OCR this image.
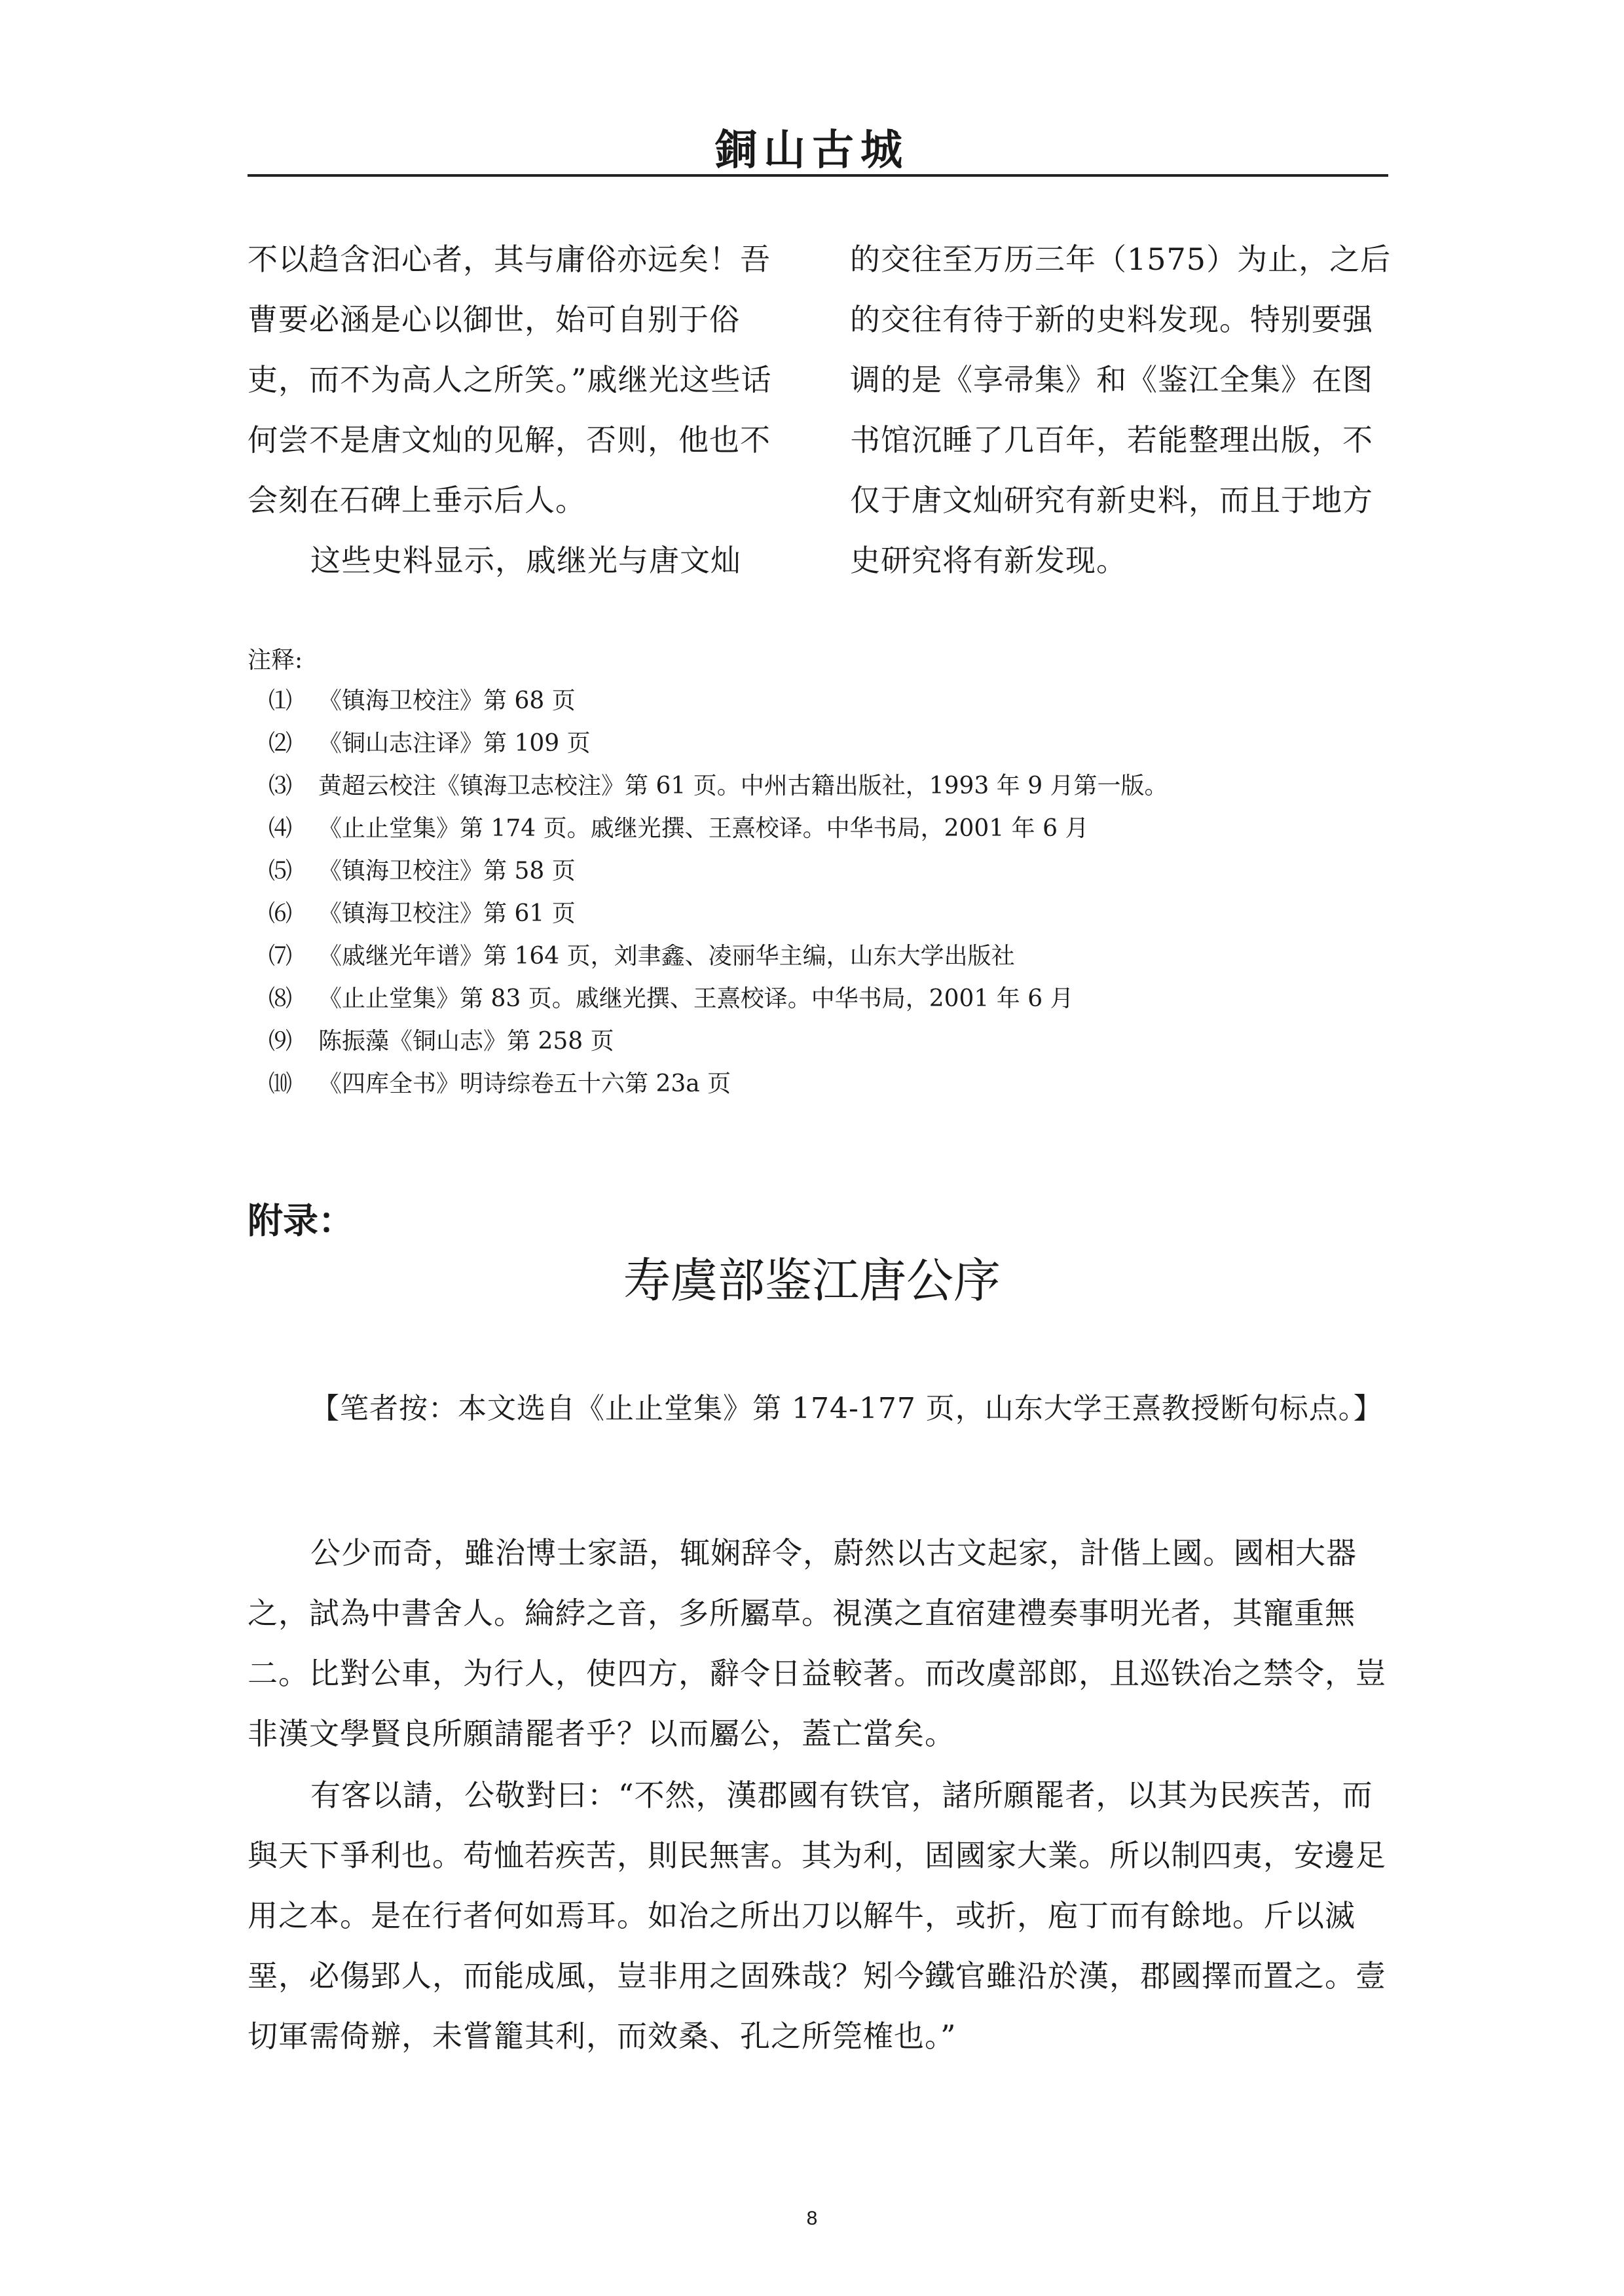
銅山古城

不以趋含汩心者，其与庸俗亦远矣！吾曹要必涵是心以御世，始可自别于俗吏，而不为高人之所笑。”戚继光这些话何尝不是唐文灿的见解，否则，他也不会刻在石碑上垂示后人。

这些史料显示，戚继光与唐文灿

的交往至万历三年（1575）为止，之后的交往有待于新的史料发现。特别要强调的是《享帚集》和《鉴江全集》在图书馆沉睡了几百年，若能整理出版，不仅于唐文灿研究有新史料，而且于地方史研究将有新发现。

注释:

⑴	《镇海卫校注》第 68 页
⑵	《铜山志注译》第 109 页
⑶	黄超云校注《镇海卫志校注》第 61 页。中州古籍出版社，1993 年 9 月第一版。
⑷	《止止堂集》第 174 页。戚继光撰、王熹校译。中华书局，2001 年 6 月
⑸	《镇海卫校注》第 58 页
⑹	《镇海卫校注》第 61 页
⑺	《戚继光年谱》第 164 页，刘聿鑫、凌丽华主编，山东大学出版社
⑻	《止止堂集》第 83 页。戚继光撰、王熹校译。中华书局，2001 年 6 月
⑼	陈振藻《铜山志》第 258 页
⑽	《四库全书》明诗综卷五十六第 23a 页

附录：

寿虞部鉴江唐公序

【笔者按：本文选自《止止堂集》第 174-177 页，山东大学王熹教授断句标点。】

公少而奇，雖治博士家語，辄娴辞令，蔚然以古文起家，計偕上國。國相大器之，試為中書舍人。綸綍之音，多所屬草。視漢之直宿建禮奏事明光者，其寵重無二。比對公車，为行人，使四方，辭令日益較著。而改虞部郎，且巡铁冶之禁令，豈非漢文學賢良所願請罷者乎？以而屬公，蓋亡當矣。

有客以請，公敬對曰：“不然，漢郡國有铁官，諸所願罷者，以其为民疾苦，而與天下爭利也。苟恤若疾苦，則民無害。其为利，固國家大業。所以制四夷，安邊足用之本。是在行者何如焉耳。如冶之所出刀以解牛，或折，庖丁而有餘地。斤以滅堊，必傷郢人，而能成風，豈非用之固殊哉？矧今鐵官雖沿於漢，郡國擇而置之。壹切軍需倚辦，未嘗籠其利，而效桑、孔之所筦榷也。”

8
